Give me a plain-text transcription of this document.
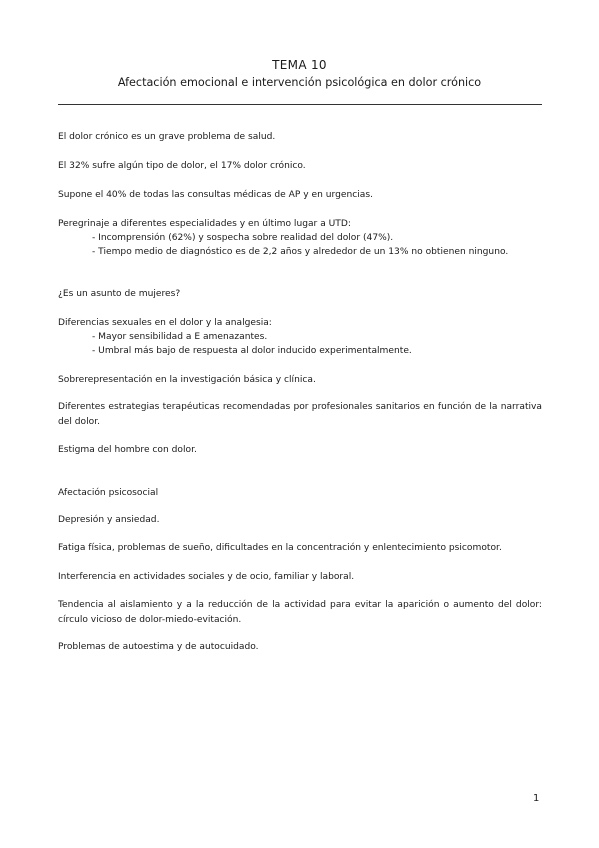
TEMA 10
Afectación emocional e intervención psicológica en dolor crónico
El dolor crónico es un grave problema de salud.
El 32% sufre algún tipo de dolor, el 17% dolor crónico.
Supone el 40% de todas las consultas médicas de AP y en urgencias.
Peregrinaje a diferentes especialidades y en último lugar a UTD:
- Incomprensión (62%) y sospecha sobre realidad del dolor (47%).
- Tiempo medio de diagnóstico es de 2,2 años y alrededor de un 13% no obtienen ninguno.
¿Es un asunto de mujeres?
Diferencias sexuales en el dolor y la analgesia:
- Mayor sensibilidad a E amenazantes.
- Umbral más bajo de respuesta al dolor inducido experimentalmente.
Sobrerepresentación en la investigación básica y clínica.
Diferentes estrategias terapéuticas recomendadas por profesionales sanitarios en función de la narrativa del dolor.
Estigma del hombre con dolor.
Afectación psicosocial
Depresión y ansiedad.
Fatiga física, problemas de sueño, dificultades en la concentración y enlentecimiento psicomotor.
Interferencia en actividades sociales y de ocio, familiar y laboral.
Tendencia al aislamiento y a la reducción de la actividad para evitar la aparición o aumento del dolor: círculo vicioso de dolor-miedo-evitación.
Problemas de autoestima y de autocuidado.
1
